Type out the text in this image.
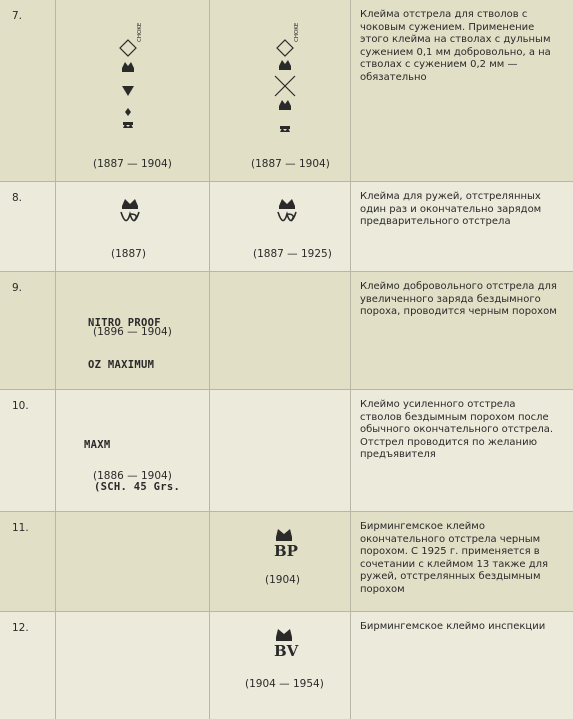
7.
CHOKE
(1887 — 1904)
CHOKE
(1887 — 1904)
Клейма отстрела для стволов с чоковым сужением. Применение этого клейма на стволах с дульным сужением 0,1 мм добровольно, а на стволах с сужением 0,2 мм — обязательно
8.
(1887)	(1887 — 1925)
Клейма для ружей, отстрелянных один раз и окончательно зарядом предварительного отстрела
9.

NITRO PROOF

OZ MAXIMUM

(1896 — 1904)
Клеймо добровольного отстрела для увеличенного заряда бездымного пороха, проводится черным порохом
10.

MAXM

(SCH. 45 Grs.

(1886 — 1904)
Клеймо усиленного отстрела стволов бездымным порохом после обычного окончательного отстрела. Отстрел проводится по желанию предъявителя
11.
BP
(1904)
Бирмингемское клеймо окончательного отстрела черным порохом. С 1925 г. применяется в сочетании с клеймом 13 также для ружей, отстрелянных бездымным порохом
12.
BV
(1904 — 1954)
Бирмингемское клеймо инспекции
